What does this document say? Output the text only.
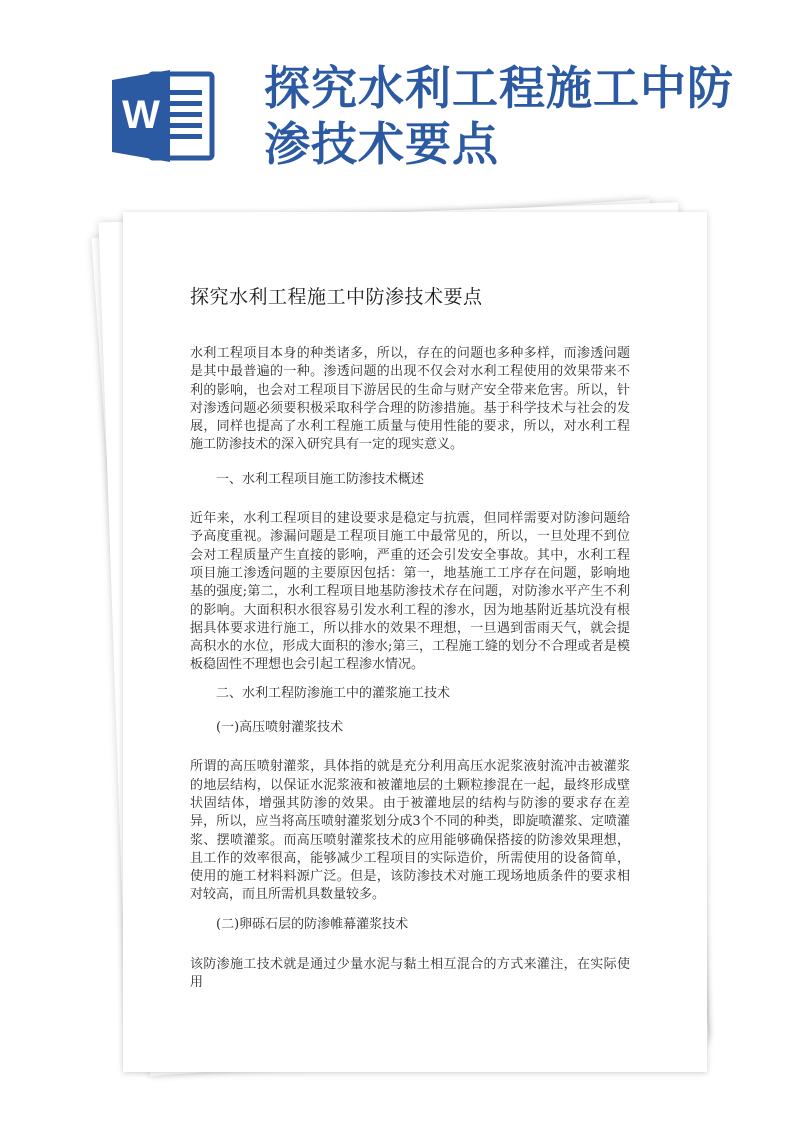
W 探究水利工程施工中防渗技术要点
探究水利工程施工中防渗技术要点

水利工程项目本身的种类诸多，所以，存在的问题也多种多样，而渗透问题是其中最普遍的一种。渗透问题的出现不仅会对水利工程使用的效果带来不利的影响，也会对工程项目下游居民的生命与财产安全带来危害。所以，针对渗透问题必须要积极采取科学合理的防渗措施。基于科学技术与社会的发展，同样也提高了水利工程施工质量与使用性能的要求，所以，对水利工程施工防渗技术的深入研究具有一定的现实意义。

一、水利工程项目施工防渗技术概述

近年来，水利工程项目的建设要求是稳定与抗震，但同样需要对防渗问题给予高度重视。渗漏问题是工程项目施工中最常见的，所以，一旦处理不到位会对工程质量产生直接的影响，严重的还会引发安全事故。其中，水利工程项目施工渗透问题的主要原因包括：第一，地基施工工序存在问题，影响地基的强度;第二，水利工程项目地基防渗技术存在问题，对防渗水平产生不利的影响。大面积积水很容易引发水利工程的渗水，因为地基附近基坑没有根据具体要求进行施工，所以排水的效果不理想，一旦遇到雷雨天气，就会提高积水的水位，形成大面积的渗水;第三，工程施工缝的划分不合理或者是模板稳固性不理想也会引起工程渗水情况。

二、水利工程防渗施工中的灌浆施工技术

(一)高压喷射灌浆技术

所谓的高压喷射灌浆，具体指的就是充分利用高压水泥浆液射流冲击被灌浆的地层结构，以保证水泥浆液和被灌地层的土颗粒掺混在一起，最终形成壁状固结体，增强其防渗的效果。由于被灌地层的结构与防渗的要求存在差异，所以，应当将高压喷射灌浆划分成3个不同的种类，即旋喷灌浆、定喷灌浆、摆喷灌浆。而高压喷射灌浆技术的应用能够确保搭接的防渗效果理想，且工作的效率很高，能够减少工程项目的实际造价，所需使用的设备简单，使用的施工材料料源广泛。但是，该防渗技术对施工现场地质条件的要求相对较高，而且所需机具数量较多。

(二)卵砾石层的防渗帷幕灌浆技术

该防渗施工技术就是通过少量水泥与黏土相互混合的方式来灌注，在实际使用
